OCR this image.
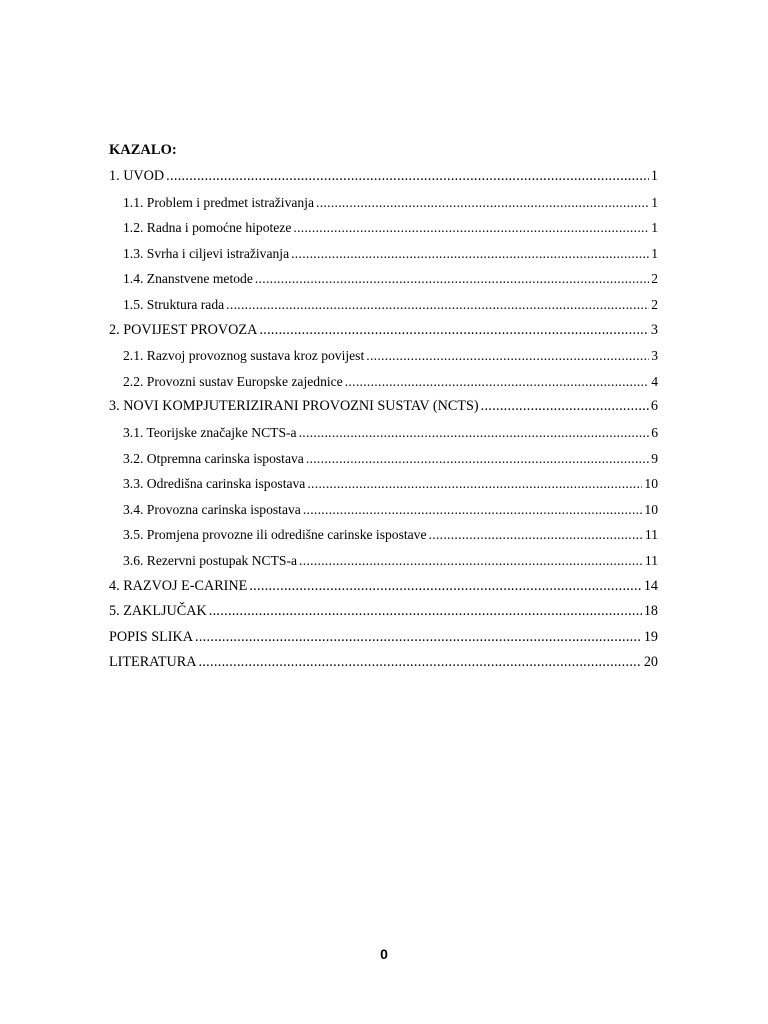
KAZALO:
1. UVOD .....	1
1.1. Problem i predmet istraživanja .....	1
1.2. Radna i pomoćne hipoteze .....	1
1.3. Svrha i ciljevi istraživanja .....	1
1.4. Znanstvene metode .....	2
1.5. Struktura rada .....	2
2. POVIJEST PROVOZA .....	3
2.1. Razvoj provoznog sustava kroz povijest .....	3
2.2. Provozni sustav Europske zajednice .....	4
3. NOVI KOMPJUTERIZIRANI PROVOZNI SUSTAV (NCTS) .....	6
3.1. Teorijske značajke NCTS-a .....	6
3.2. Otpremna carinska ispostava .....	9
3.3. Odredišna carinska ispostava .....	10
3.4. Provozna carinska ispostava .....	10
3.5. Promjena provozne ili odredišne carinske ispostave .....	11
3.6. Rezervni postupak NCTS-a .....	11
4. RAZVOJ E-CARINE .....	14
5. ZAKLJUČAK .....	18
POPIS SLIKA .....	19
LITERATURA .....	20
0
